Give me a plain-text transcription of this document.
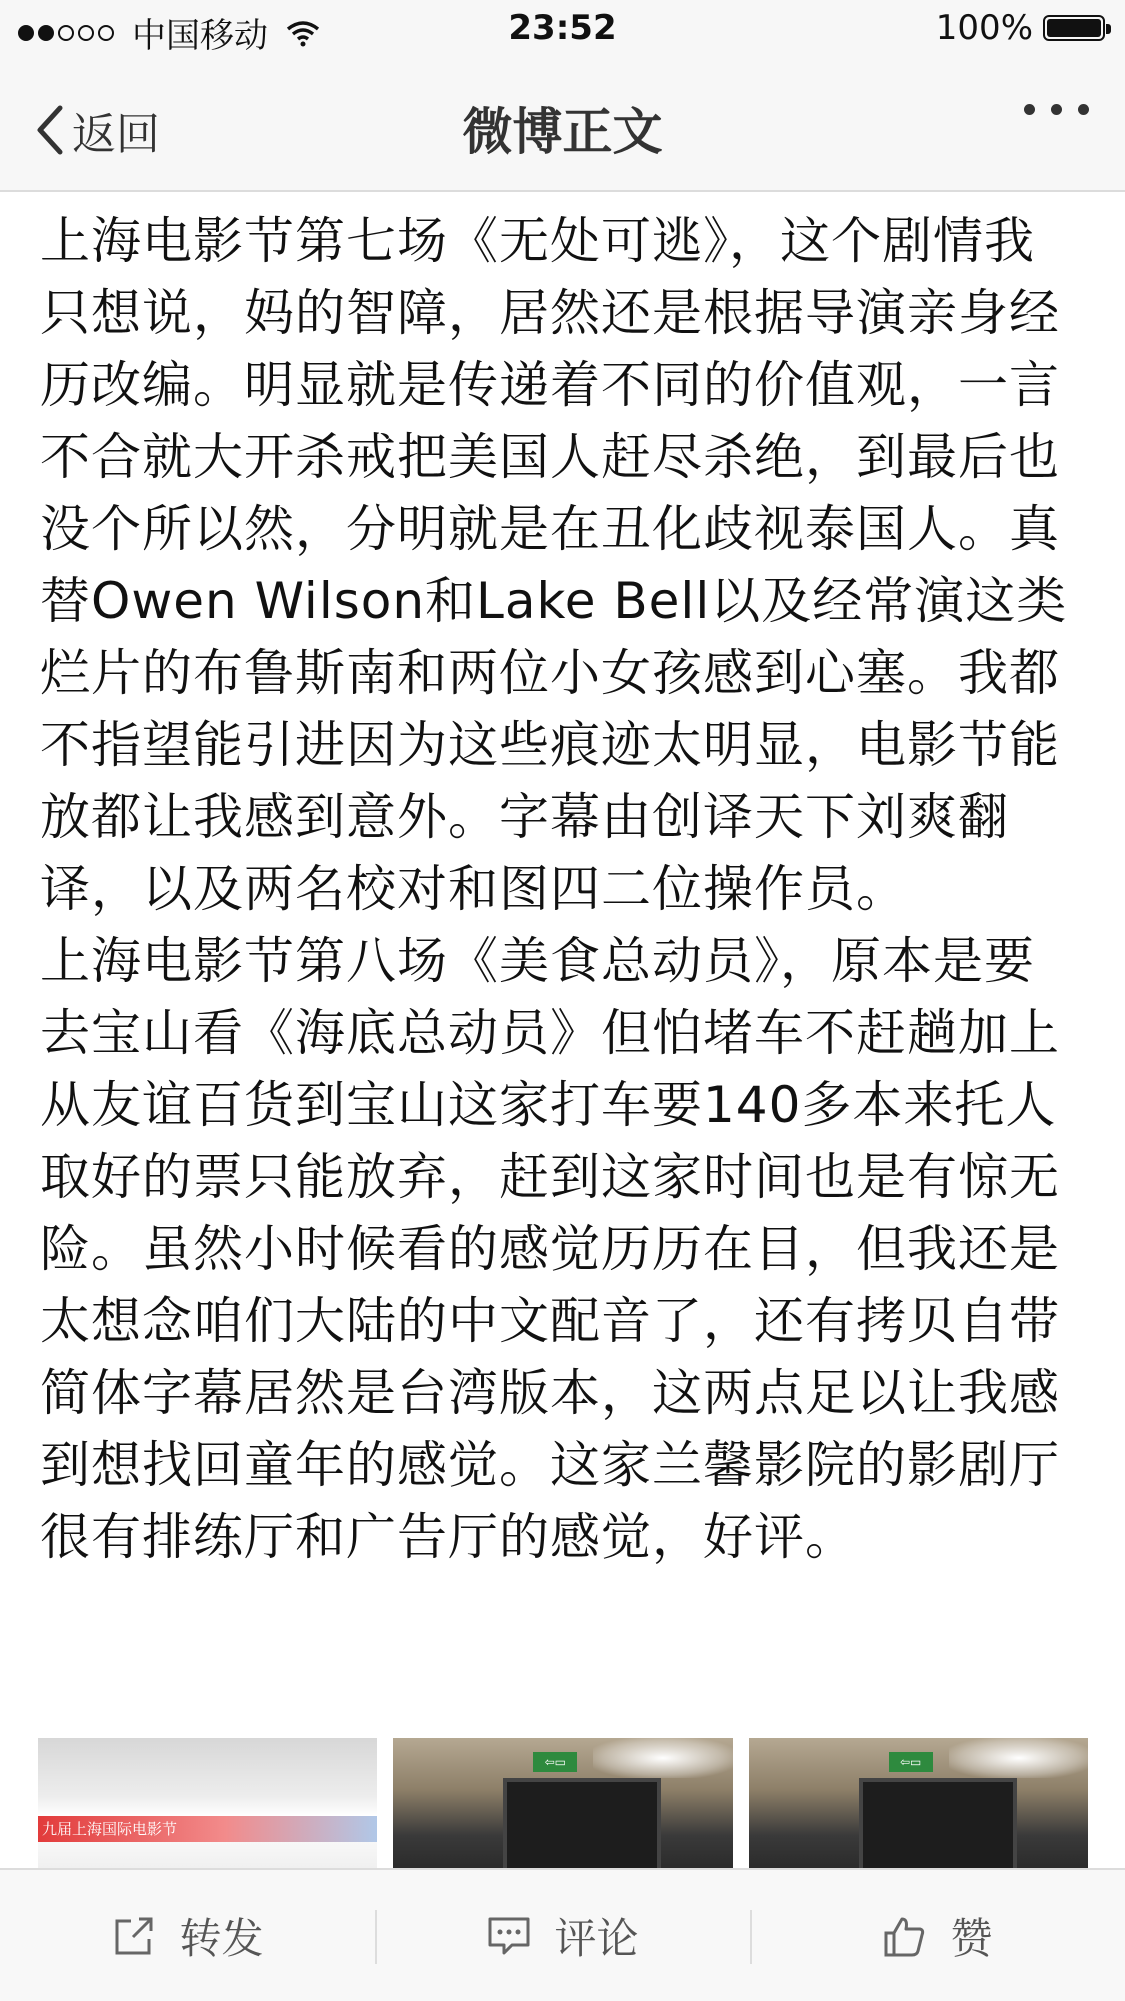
中国移动	23:52	100%
返回	微博正文

上海电影节第七场《无处可逃》，这个剧情我只想说，妈的智障，居然还是根据导演亲身经历改编。明显就是传递着不同的价值观，一言不合就大开杀戒把美国人赶尽杀绝，到最后也没个所以然，分明就是在丑化歧视泰国人。真替Owen Wilson和Lake Bell以及经常演这类烂片的布鲁斯南和两位小女孩感到心塞。我都不指望能引进因为这些痕迹太明显，电影节能放都让我感到意外。字幕由创译天下刘爽翻译，以及两名校对和图四二位操作员。

上海电影节第八场《美食总动员》，原本是要去宝山看《海底总动员》但怕堵车不赶趟加上从友谊百货到宝山这家打车要140多本来托人取好的票只能放弃，赶到这家时间也是有惊无险。虽然小时候看的感觉历历在目，但我还是太想念咱们大陆的中文配音了，还有拷贝自带简体字幕居然是台湾版本，这两点足以让我感到想找回童年的感觉。这家兰馨影院的影剧厅很有排练厅和广告厅的感觉，好评。

九届上海国际电影节
⇦▭	⇦▭
转发	评论	赞
